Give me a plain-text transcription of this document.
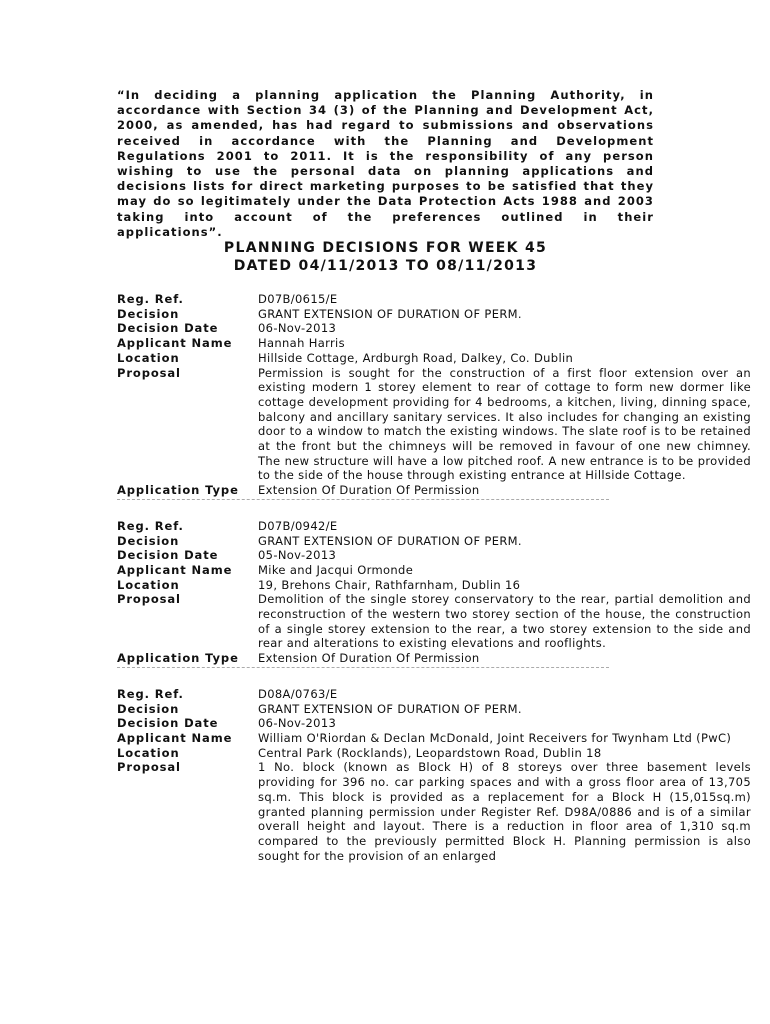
“In deciding a planning application the Planning Authority, in accordance with Section 34 (3) of the Planning and Development Act, 2000, as amended, has had regard to submissions and observations received in accordance with the Planning and Development Regulations 2001 to 2011. It is the responsibility of any person wishing to use the personal data on planning applications and decisions lists for direct marketing purposes to be satisfied that they may do so legitimately under the Data Protection Acts 1988 and 2003 taking into account of the preferences outlined in their applications”.
PLANNING DECISIONS FOR WEEK 45
DATED 04/11/2013 TO 08/11/2013
Reg. Ref.	D07B/0615/E
Decision	GRANT EXTENSION OF DURATION OF PERM.
Decision Date	06-Nov-2013
Applicant Name	Hannah Harris
Location	Hillside Cottage, Ardburgh Road, Dalkey, Co. Dublin
Proposal	Permission is sought for the construction of a first floor extension over an existing modern 1 storey element to rear of cottage to form new dormer like cottage development providing for 4 bedrooms, a kitchen, living, dinning space, balcony and ancillary sanitary services. It also includes for changing an existing door to a window to match the existing windows. The slate roof is to be retained at the front but the chimneys will be removed in favour of one new chimney. The new structure will have a low pitched roof. A new entrance is to be provided to the side of the house through existing entrance at Hillside Cottage.
Application Type	Extension Of Duration Of Permission
Reg. Ref.	D07B/0942/E
Decision	GRANT EXTENSION OF DURATION OF PERM.
Decision Date	05-Nov-2013
Applicant Name	Mike and Jacqui Ormonde
Location	19, Brehons Chair, Rathfarnham, Dublin 16
Proposal	Demolition of the single storey conservatory to the rear, partial demolition and reconstruction of the western two storey section of the house, the construction of a single storey extension to the rear, a two storey extension to the side and rear and alterations to existing elevations and rooflights.
Application Type	Extension Of Duration Of Permission
Reg. Ref.	D08A/0763/E
Decision	GRANT EXTENSION OF DURATION OF PERM.
Decision Date	06-Nov-2013
Applicant Name	William O'Riordan & Declan McDonald, Joint Receivers for Twynham Ltd (PwC)
Location	Central Park (Rocklands), Leopardstown Road, Dublin 18
Proposal	1 No. block (known as Block H) of 8 storeys over three basement levels providing for 396 no. car parking spaces and with a gross floor area of 13,705 sq.m. This block is provided as a replacement for a Block H (15,015sq.m) granted planning permission under Register Ref. D98A/0886 and is of a similar overall height and layout. There is a reduction in floor area of 1,310 sq.m compared to the previously permitted Block H. Planning permission is also sought for the provision of an enlarged
